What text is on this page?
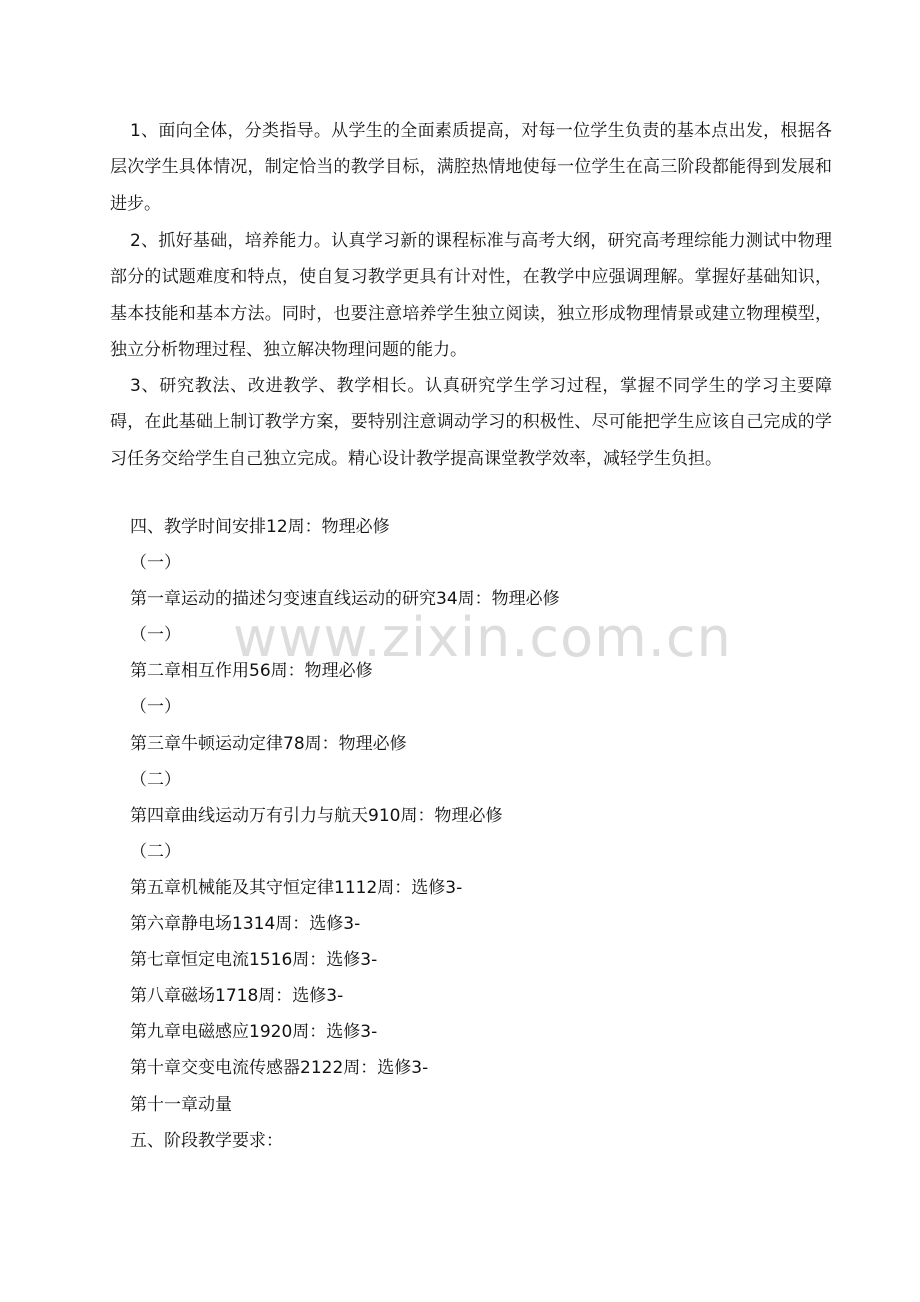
1、面向全体，分类指导。从学生的全面素质提高，对每一位学生负责的基本点出发，根据各层次学生具体情况，制定恰当的教学目标，满腔热情地使每一位学生在高三阶段都能得到发展和进步。

2、抓好基础，培养能力。认真学习新的课程标准与高考大纲，研究高考理综能力测试中物理部分的试题难度和特点，使自复习教学更具有计对性，在教学中应强调理解。掌握好基础知识，基本技能和基本方法。同时，也要注意培养学生独立阅读，独立形成物理情景或建立物理模型，独立分析物理过程、独立解决物理问题的能力。

3、研究教法、改进教学、教学相长。认真研究学生学习过程，掌握不同学生的学习主要障碍，在此基础上制订教学方案，要特别注意调动学习的积极性、尽可能把学生应该自己完成的学习任务交给学生自己独立完成。精心设计教学提高课堂教学效率，减轻学生负担。

四、教学时间安排12周：物理必修

（一）

第一章运动的描述匀变速直线运动的研究34周：物理必修

（一）

第二章相互作用56周：物理必修

（一）

第三章牛顿运动定律78周：物理必修

（二）

第四章曲线运动万有引力与航天910周：物理必修

（二）

第五章机械能及其守恒定律1112周：选修3-

第六章静电场1314周：选修3-

第七章恒定电流1516周：选修3-

第八章磁场1718周：选修3-

第九章电磁感应1920周：选修3-

第十章交变电流传感器2122周：选修3-

第十一章动量

五、阶段教学要求：

www.zixin.com.cn
